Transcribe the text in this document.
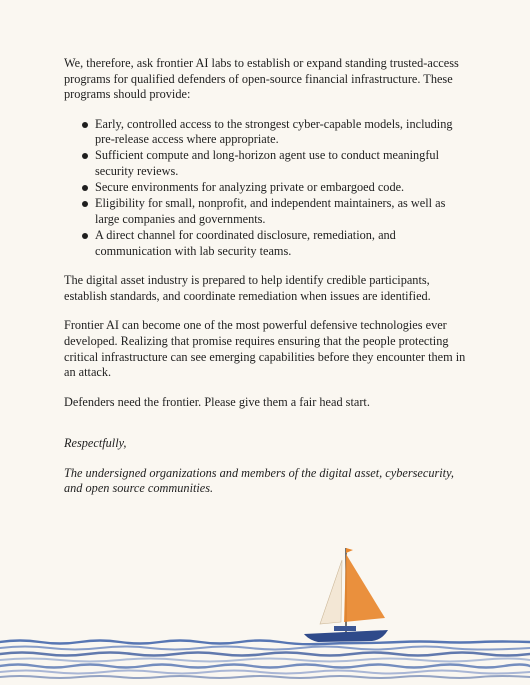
We, therefore, ask frontier AI labs to establish or expand standing trusted-access programs for qualified defenders of open-source financial infrastructure. These programs should provide:

Early, controlled access to the strongest cyber-capable models, including pre-release access where appropriate.
Sufficient compute and long-horizon agent use to conduct meaningful security reviews.
Secure environments for analyzing private or embargoed code.
Eligibility for small, nonprofit, and independent maintainers, as well as large companies and governments.
A direct channel for coordinated disclosure, remediation, and communication with lab security teams.

The digital asset industry is prepared to help identify credible participants, establish standards, and coordinate remediation when issues are identified.

Frontier AI can become one of the most powerful defensive technologies ever developed. Realizing that promise requires ensuring that the people protecting critical infrastructure can see emerging capabilities before they encounter them in an attack.

Defenders need the frontier. Please give them a fair head start.

Respectfully,

The undersigned organizations and members of the digital asset, cybersecurity, and open source communities.
